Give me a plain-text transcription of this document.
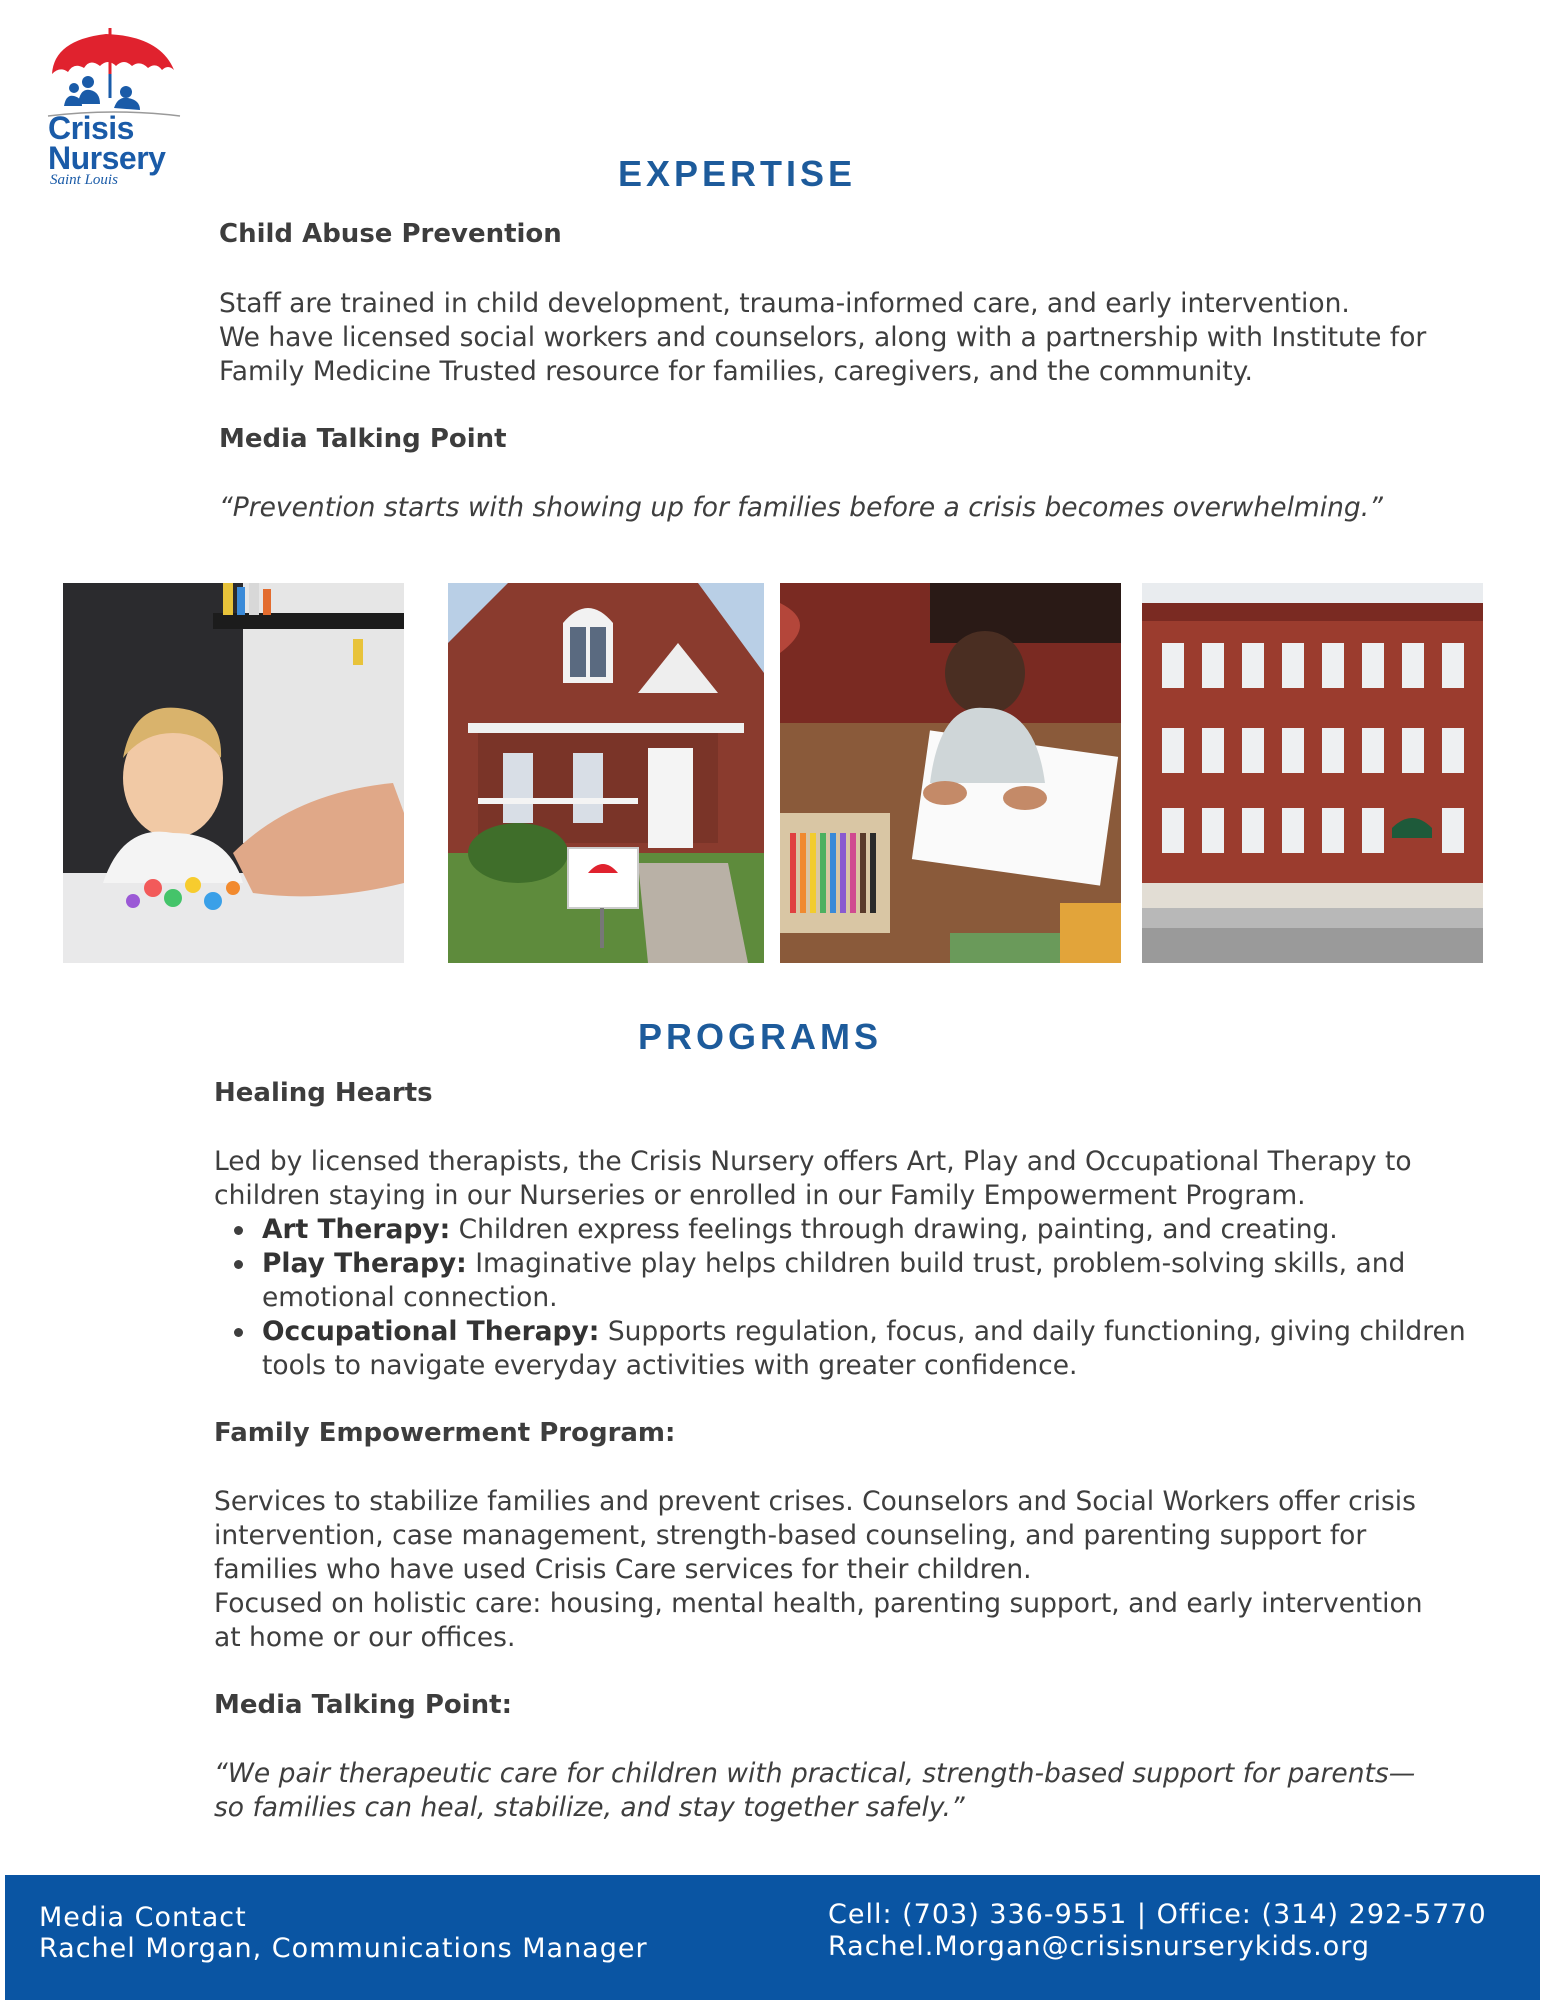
Crisis
Nursery
Saint Louis	EXPERTISE
Child Abuse Prevention
Staff are trained in child development, trauma-informed care, and early intervention.
We have licensed social workers and counselors, along with a partnership with Institute for
Family Medicine Trusted resource for families, caregivers, and the community.
Media Talking Point
“Prevention starts with showing up for families before a crisis becomes overwhelming.”
PROGRAMS
Healing Hearts
Led by licensed therapists, the Crisis Nursery offers Art, Play and Occupational Therapy to
children staying in our Nurseries or enrolled in our Family Empowerment Program.
Art Therapy: Children express feelings through drawing, painting, and creating.
Play Therapy: Imaginative play helps children build trust, problem-solving skills, and
emotional connection.
Occupational Therapy: Supports regulation, focus, and daily functioning, giving children
tools to navigate everyday activities with greater confidence.
Family Empowerment Program:
Services to stabilize families and prevent crises. Counselors and Social Workers offer crisis
intervention, case management, strength-based counseling, and parenting support for
families who have used Crisis Care services for their children.
Focused on holistic care: housing, mental health, parenting support, and early intervention
at home or our offices.
Media Talking Point:
“We pair therapeutic care for children with practical, strength-based support for parents—
so families can heal, stabilize, and stay together safely.”
Media Contact
Rachel Morgan, Communications Manager
Cell: (703) 336-9551 | Office: (314) 292-5770
Rachel.Morgan@crisisnurserykids.org
